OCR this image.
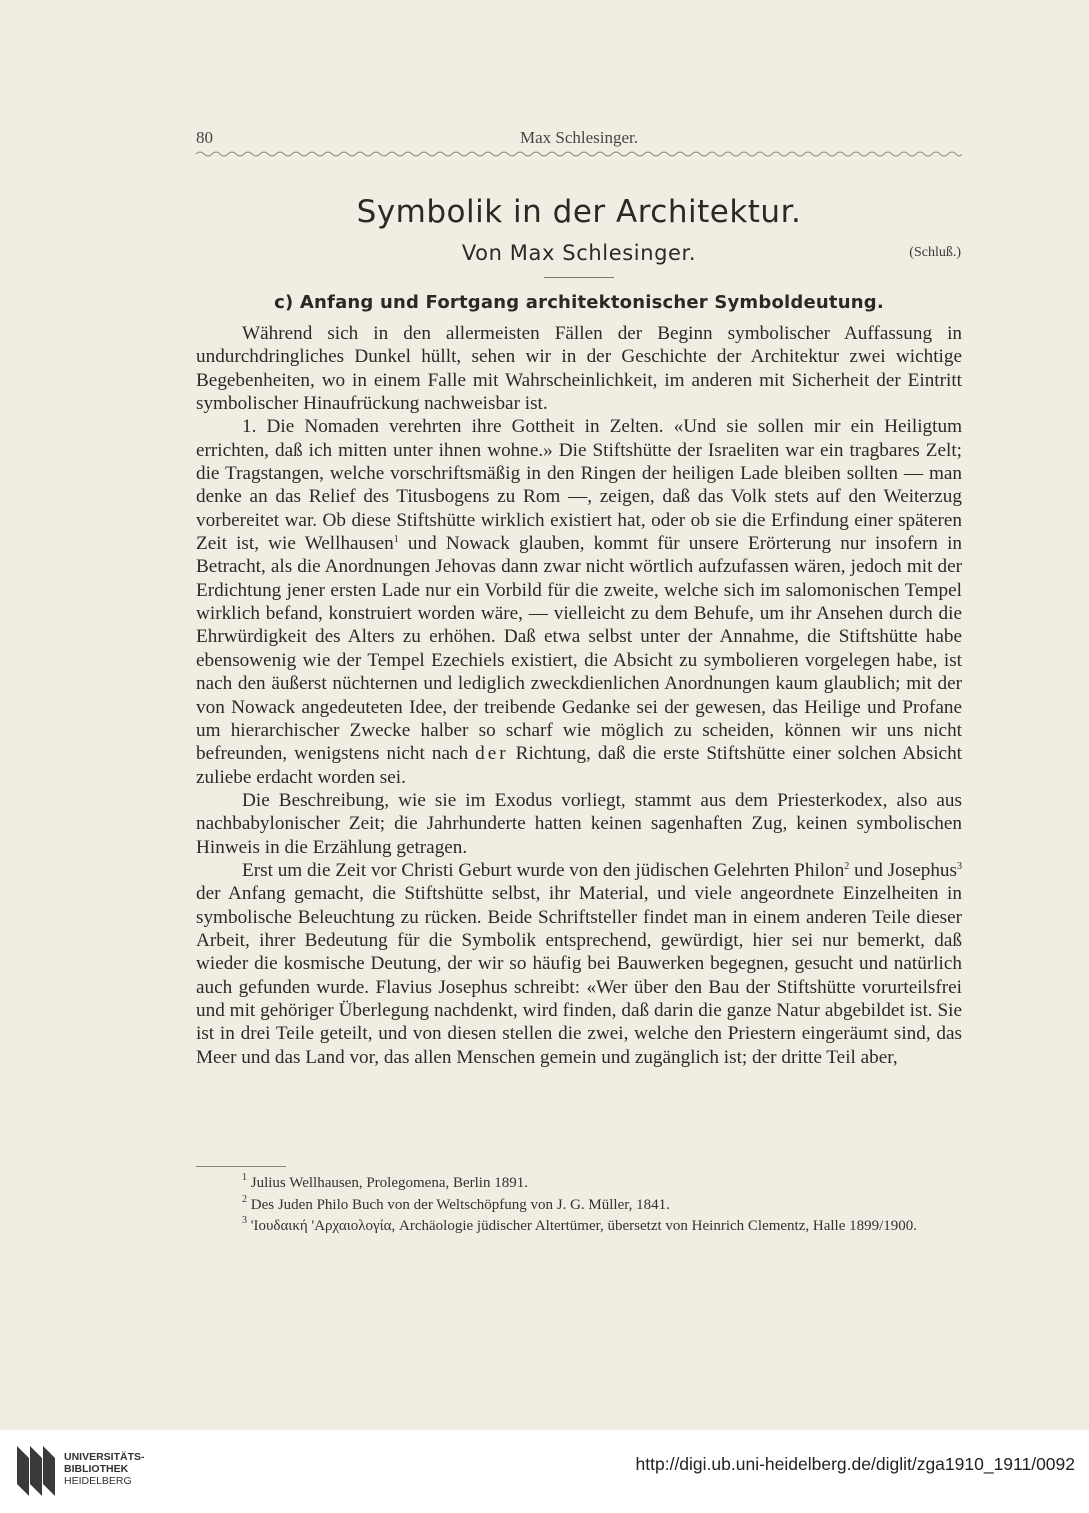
80	Max Schlesinger.
Symbolik in der Architektur.
Von Max Schlesinger.	(Schluß.)
c) Anfang und Fortgang architektonischer Symboldeutung.

Während sich in den allermeisten Fällen der Beginn symbolischer Auffassung in undurchdringliches Dunkel hüllt, sehen wir in der Geschichte der Architektur zwei wichtige Begebenheiten, wo in einem Falle mit Wahrscheinlichkeit, im anderen mit Sicherheit der Eintritt symbolischer Hinaufrückung nachweisbar ist.

1. Die Nomaden verehrten ihre Gottheit in Zelten. «Und sie sollen mir ein Heiligtum errichten, daß ich mitten unter ihnen wohne.» Die Stiftshütte der Israeliten war ein tragbares Zelt; die Tragstangen, welche vorschriftsmäßig in den Ringen der heiligen Lade bleiben sollten — man denke an das Relief des Titusbogens zu Rom —, zeigen, daß das Volk stets auf den Weiterzug vorbereitet war. Ob diese Stiftshütte wirklich existiert hat, oder ob sie die Erfindung einer späteren Zeit ist, wie Wellhausen$^1$ und Nowack glauben, kommt für unsere Erörterung nur insofern in Betracht, als die Anordnungen Jehovas dann zwar nicht wörtlich aufzufassen wären, jedoch mit der Erdichtung jener ersten Lade nur ein Vorbild für die zweite, welche sich im salomonischen Tempel wirklich befand, konstruiert worden wäre, — vielleicht zu dem Behufe, um ihr Ansehen durch die Ehrwürdigkeit des Alters zu erhöhen. Daß etwa selbst unter der Annahme, die Stiftshütte habe ebensowenig wie der Tempel Ezechiels existiert, die Absicht zu symbolieren vorgelegen habe, ist nach den äußerst nüchternen und lediglich zweckdienlichen Anordnungen kaum glaublich; mit der von Nowack angedeuteten Idee, der treibende Gedanke sei der gewesen, das Heilige und Profane um hierarchischer Zwecke halber so scharf wie möglich zu scheiden, können wir uns nicht befreunden, wenigstens nicht nach der Richtung, daß die erste Stiftshütte einer solchen Absicht zuliebe erdacht worden sei.

Die Beschreibung, wie sie im Exodus vorliegt, stammt aus dem Priesterkodex, also aus nachbabylonischer Zeit; die Jahrhunderte hatten keinen sagenhaften Zug, keinen symbolischen Hinweis in die Erzählung getragen.

Erst um die Zeit vor Christi Geburt wurde von den jüdischen Gelehrten Philon$^2$ und Josephus$^3$ der Anfang gemacht, die Stiftshütte selbst, ihr Material, und viele angeordnete Einzelheiten in symbolische Beleuchtung zu rücken. Beide Schriftsteller findet man in einem anderen Teile dieser Arbeit, ihrer Bedeutung für die Symbolik entsprechend, gewürdigt, hier sei nur bemerkt, daß wieder die kosmische Deutung, der wir so häufig bei Bauwerken begegnen, gesucht und natürlich auch gefunden wurde. Flavius Josephus schreibt: «Wer über den Bau der Stiftshütte vorurteilsfrei und mit gehöriger Überlegung nachdenkt, wird finden, daß darin die ganze Natur abgebildet ist. Sie ist in drei Teile geteilt, und von diesen stellen die zwei, welche den Priestern eingeräumt sind, das Meer und das Land vor, das allen Menschen gemein und zugänglich ist; der dritte Teil aber,

$^1$ Julius Wellhausen, Prolegomena, Berlin 1891.

$^2$ Des Juden Philo Buch von der Weltschöpfung von J. G. Müller, 1841.

$^3$ 'Ιουδαική 'Αρχαιολογία, Archäologie jüdischer Altertümer, übersetzt von Heinrich Clementz, Halle 1899/1900.

UNIVERSITÄTS-
BIBLIOTHEK
HEIDELBERG
http://digi.ub.uni-heidelberg.de/diglit/zga1910_1911/0092
